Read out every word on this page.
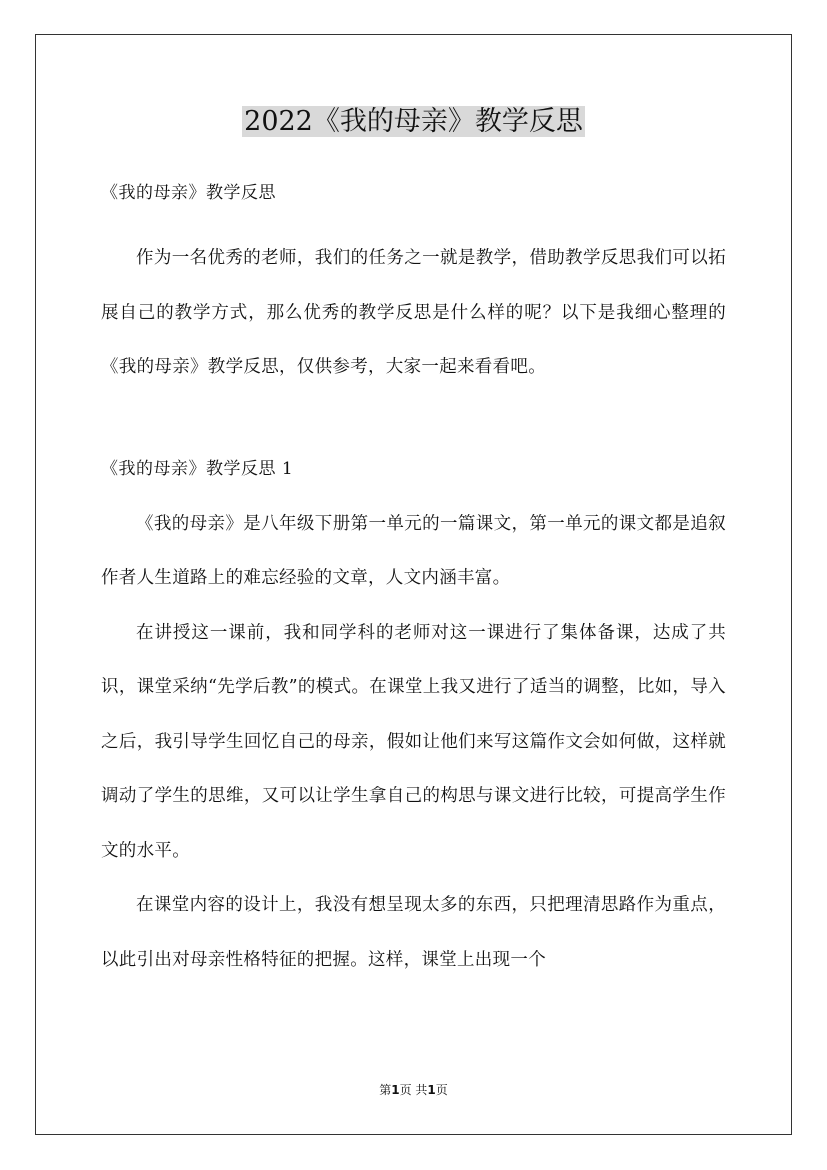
2022《我的母亲》教学反思

《我的母亲》教学反思

作为一名优秀的老师，我们的任务之一就是教学，借助教学反思我们可以拓展自己的教学方式，那么优秀的教学反思是什么样的呢？以下是我细心整理的《我的母亲》教学反思，仅供参考，大家一起来看看吧。

《我的母亲》教学反思 1

《我的母亲》是八年级下册第一单元的一篇课文，第一单元的课文都是追叙作者人生道路上的难忘经验的文章，人文内涵丰富。

在讲授这一课前，我和同学科的老师对这一课进行了集体备课，达成了共识，课堂采纳“先学后教”的模式。在课堂上我又进行了适当的调整，比如，导入之后，我引导学生回忆自己的母亲，假如让他们来写这篇作文会如何做，这样就调动了学生的思维，又可以让学生拿自己的构思与课文进行比较，可提高学生作文的水平。

在课堂内容的设计上，我没有想呈现太多的东西，只把理清思路作为重点，以此引出对母亲性格特征的把握。这样，课堂上出现一个

第1页 共1页
